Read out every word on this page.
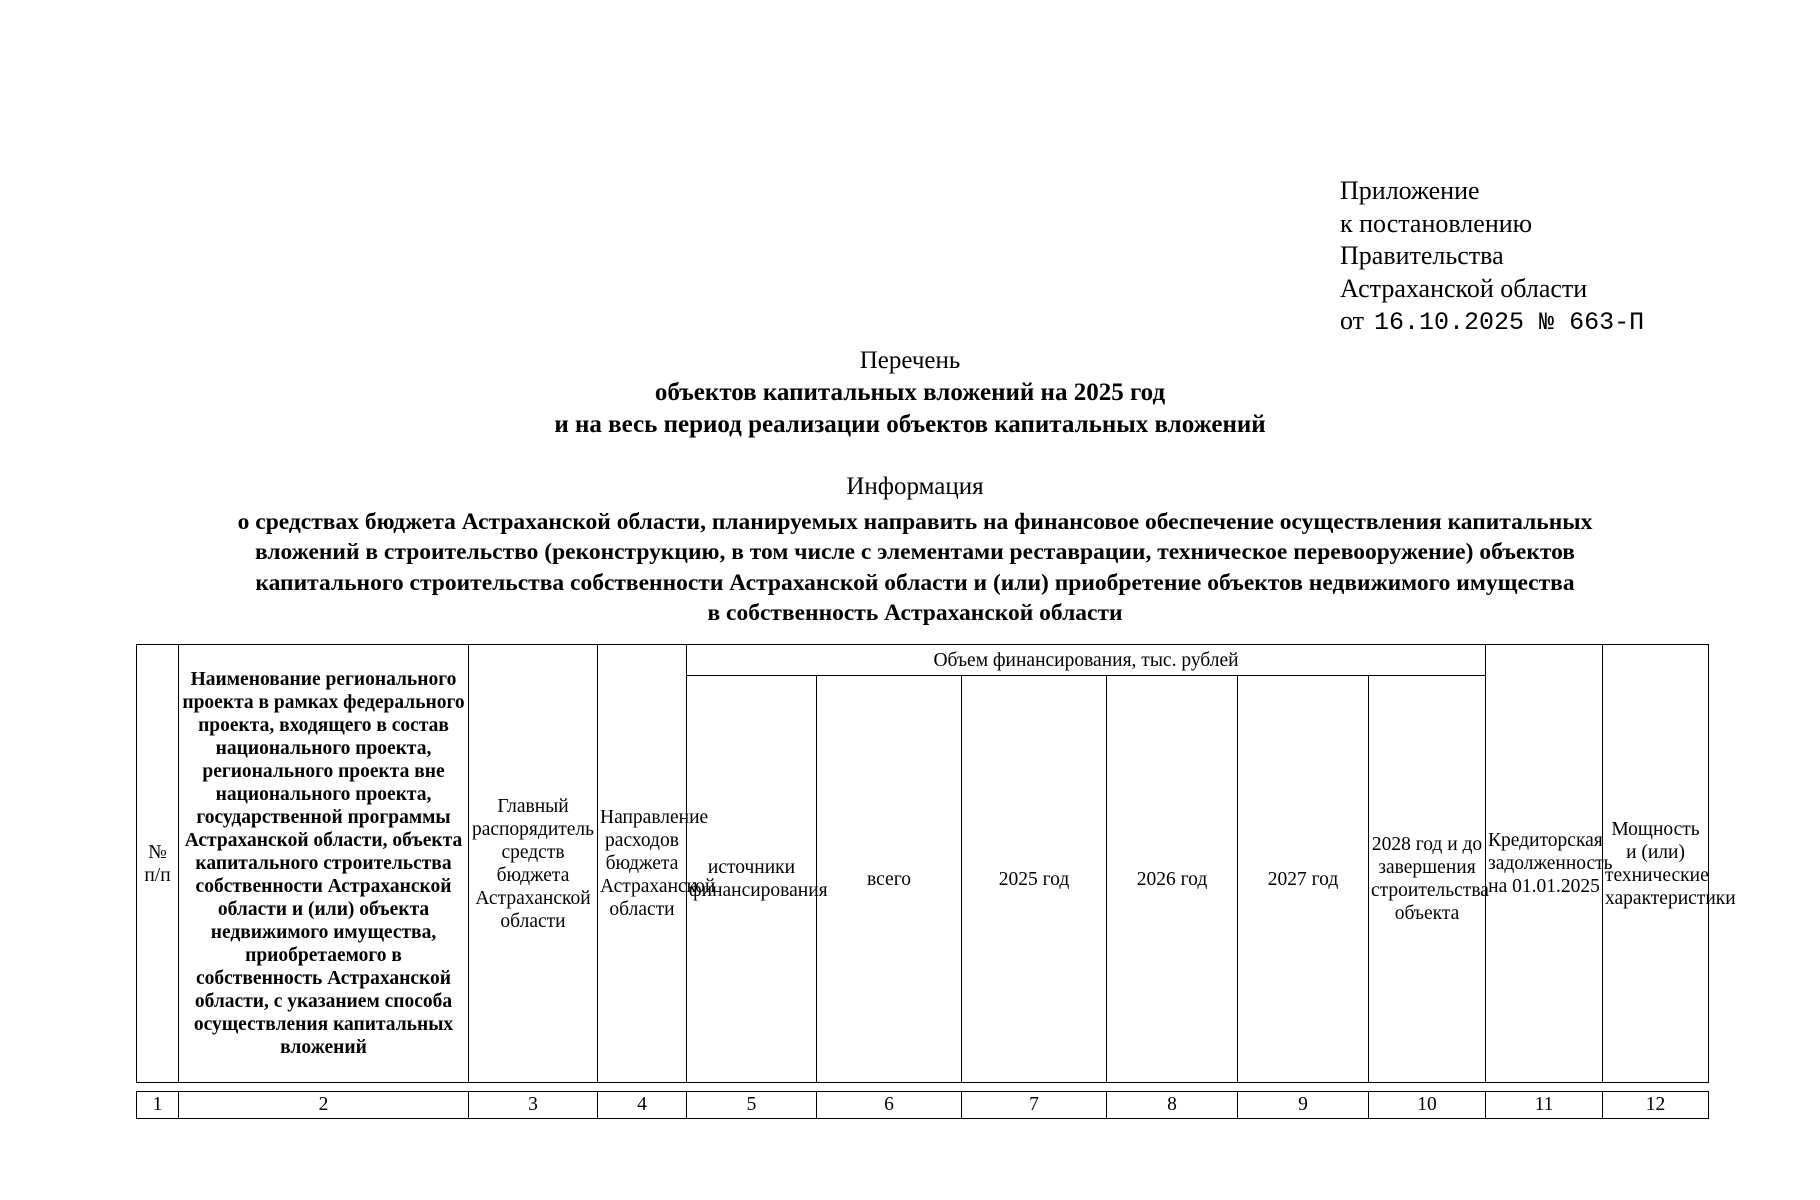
Приложение
к постановлению
Правительства
Астраханской области
от 16.10.2025 № 663-П
Перечень
объектов капитальных вложений на 2025 год
и на весь период реализации объектов капитальных вложений
Информация
о средствах бюджета Астраханской области, планируемых направить на финансовое обеспечение осуществления капитальных
вложений в строительство (реконструкцию, в том числе с элементами реставрации, техническое перевооружение) объектов
капитального строительства собственности Астраханской области и (или) приобретение объектов недвижимого имущества
в собственность Астраханской области
№ п/п	Наименование регионального проекта в рамках федерального проекта, входящего в состав национального проекта, регионального проекта вне национального проекта, государственной программы Астраханской области, объекта капитального строительства собственности Астраханской области и (или) объекта недвижимого имущества, приобретаемого в собственность Астраханской области, с указанием способа осуществления капитальных вложений	Главный распорядитель средств бюджета Астраханской области	Направление расходов бюджета Астраханской области	Объем финансирования, тыс. рублей						Кредиторская задолженность на 01.01.2025	Мощность и (или) технические характеристики
				источники финансирования	всего	2025 год	2026 год	2027 год	2028 год и до завершения строительства объекта		

1	2	3	4	5	6	7	8	9	10	11	12
